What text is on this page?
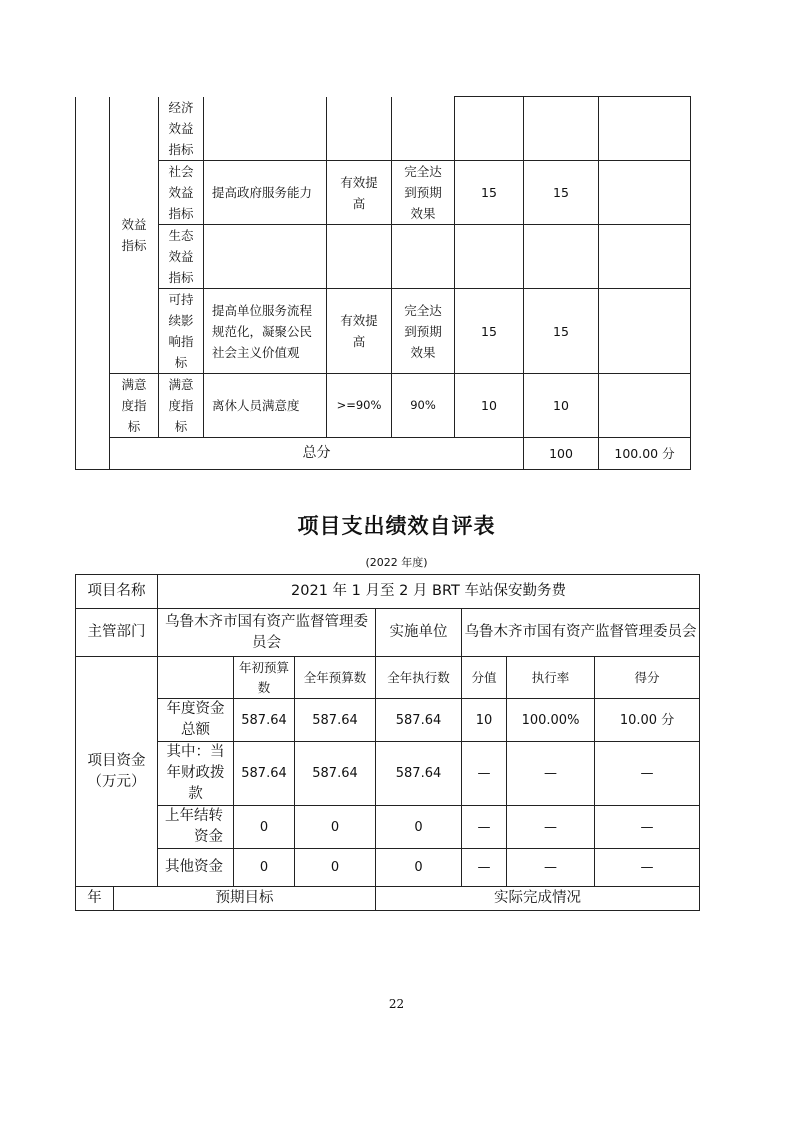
	效益指标	经济效益指标							
		社会效益指标	提高政府服务能力	有效提高	完全达到预期效果	15	15		
		生态效益指标							
		可持续影响指标	提高单位服务流程规范化，凝聚公民社会主义价值观	有效提高	完全达到预期效果	15	15		
	满意度指标	满意度指标	离休人员满意度	>=90%	90%	10	10		
	总分						100	100.00 分	
项目支出绩效自评表
(2022 年度)
项目名称		2021 年 1 月至 2 月 BRT 车站保安勤务费						
主管部门		乌鲁木齐市国有资产监督管理委员会			实施单位	乌鲁木齐市国有资产监督管理委员会		
项目资金（万元）			年初预算数	全年预算数	全年执行数	分值	执行率	得分
		年度资金总额	587.64	587.64	587.64	10	100.00%	10.00 分
		其中：当年财政拨款	587.64	587.64	587.64	—	—	—
		上年结转资金	0	0	0	—	—	—
		其他资金	0	0	0	—	—	—
年	预期目标				实际完成情况			
22
